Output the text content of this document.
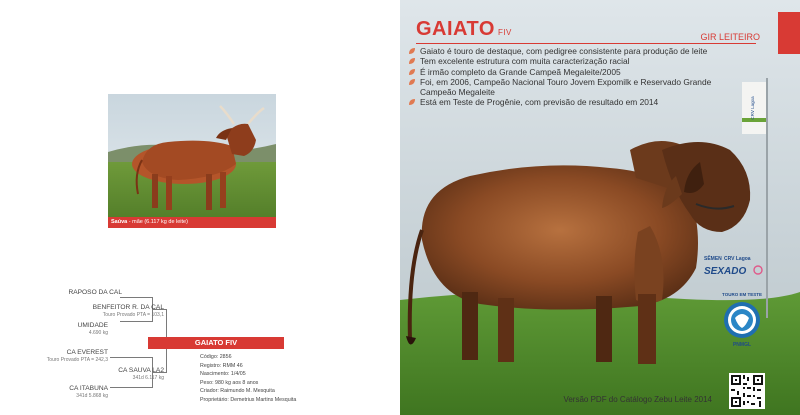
Saúva - mãe (6.117 kg de leite)
RAPOSO DA CAL
BENFEITOR R. DA CAL
Touro Provado PTA = 103,1
UMIDADE
4.690 kg
CA EVEREST
Touro Provado PTA = 242,3
CA SAUVA LA2
341d 6.117 kg
CA ITABUNA
341d 5.868 kg
GAIATO FIV
Código: 2856
Registro: RMM 46
Nascimento: 1/4/05
Peso: 980 kg aos 8 anos
Criador: Raimundo M. Mesquita
Proprietário: Demetrius Martins Mesquita
GAIATO FIV	GIR LEITEIRO
Gaiato é touro de destaque, com pedigree consistente para produção de leite
Tem excelente estrutura com muita caracterização racial
É irmão completo da Grande Campeã Megaleite/2005
Foi, em 2006, Campeão Nacional Touro Jovem Expomilk e Reservado Grande Campeão Megaleite
Está em Teste de Progênie, com previsão de resultado em 2014	CRV Lagoa
SÊMEN CRV Lagoa
SEXADO
TOURO EM TESTE
PNMGL
Versão PDF do Catálogo Zebu Leite 2014
